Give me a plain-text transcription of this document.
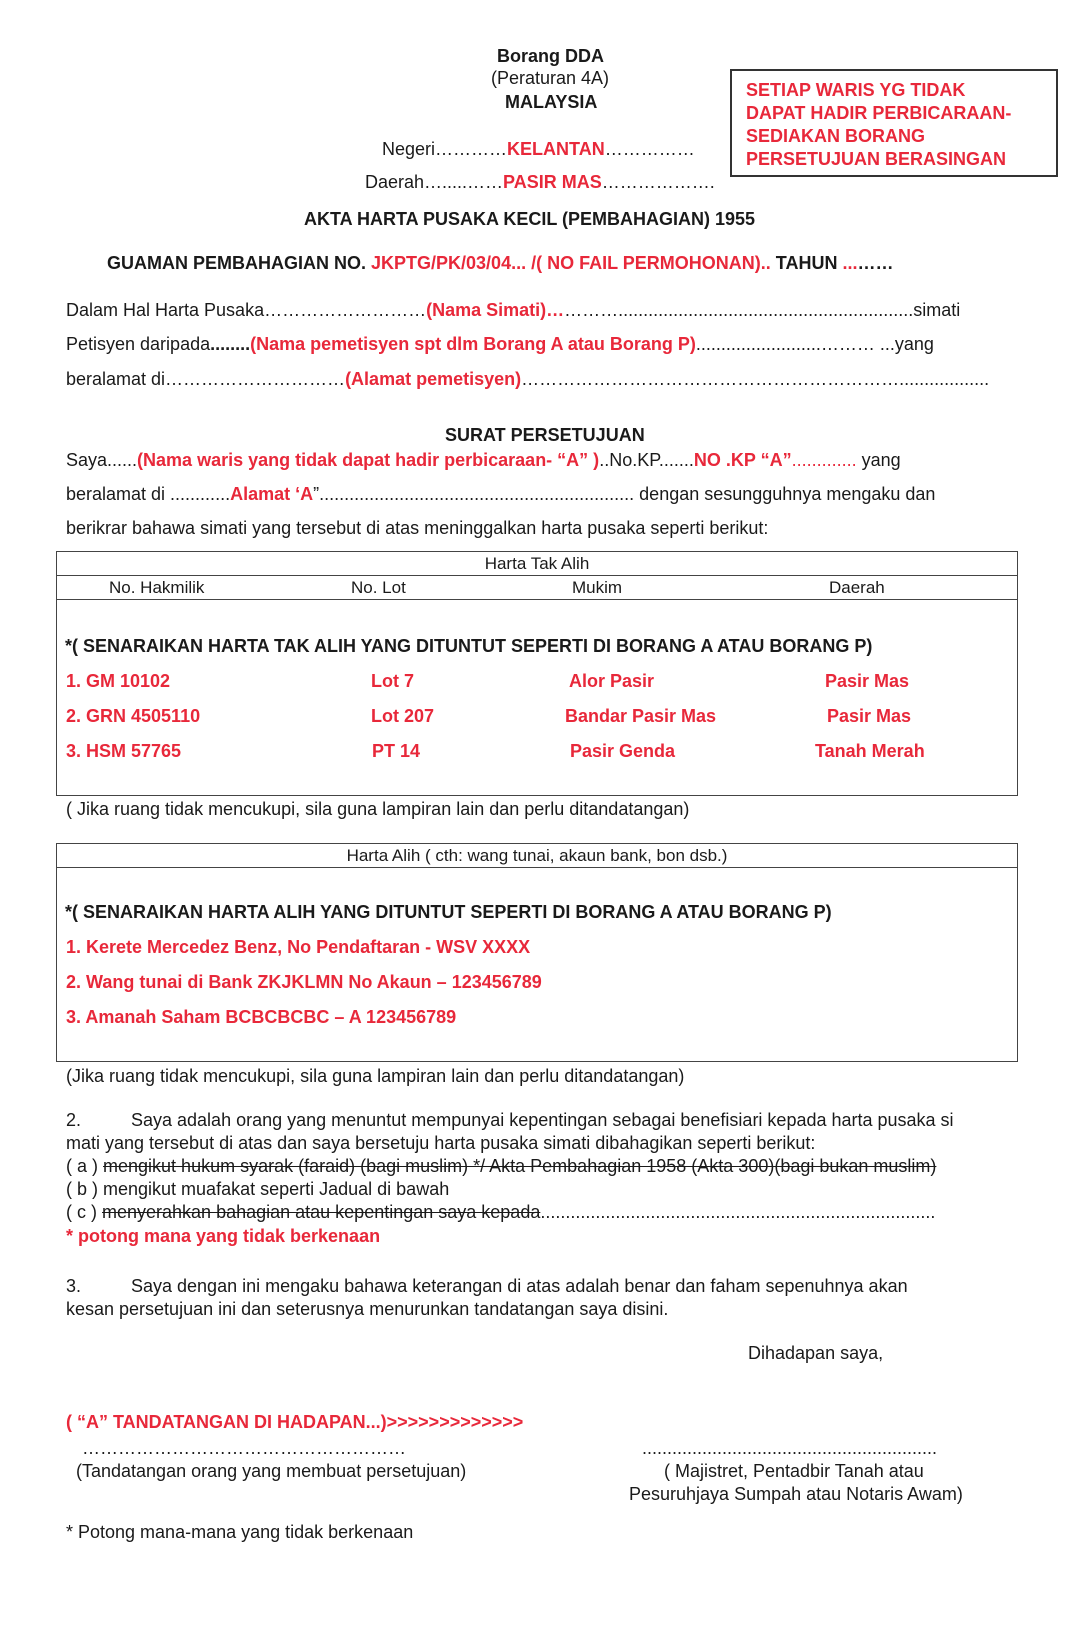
Borang DDA
(Peraturan 4A)
MALAYSIA
SETIAP WARIS YG TIDAK
DAPAT HADIR PERBICARAAN-
SEDIAKAN BORANG
PERSETUJUAN BERASINGAN
Negeri…………KELANTAN……………
Daerah….....……PASIR MAS……………….
AKTA HARTA PUSAKA KECIL (PEMBAHAGIAN) 1955
GUAMAN PEMBAHAGIAN NO. JKPTG/PK/03/04... /( NO FAIL PERMOHONAN).. TAHUN ...……
Dalam Hal Harta Pusaka………………………(Nama Simati)…………...........................................................simati
Petisyen daripada........(Nama pemetisyen spt dlm Borang A atau Borang P).........................……… ...yang
beralamat di…………………………(Alamat pemetisyen)………………………………………………………..................
SURAT PERSETUJUAN
Saya......(Nama waris yang tidak dapat hadir perbicaraan- “A” )..No.KP.......NO .KP “A”............. yang
beralamat di ............Alamat ‘A”............................................................... dengan sesungguhnya mengaku dan
berikrar bahawa simati yang tersebut di atas meninggalkan harta pusaka seperti berikut:
Harta Tak Alih
No. Hakmilik	No. Lot	Mukim	Daerah
*( SENARAIKAN HARTA TAK ALIH YANG DITUNTUT SEPERTI DI BORANG A ATAU BORANG P)
1. GM 10102	Lot 7	Alor Pasir	Pasir Mas
2. GRN 4505110	Lot 207	Bandar Pasir Mas	Pasir Mas
3. HSM 57765	PT 14	Pasir Genda	Tanah Merah
( Jika ruang tidak mencukupi, sila guna lampiran lain dan perlu ditandatangan)
Harta Alih ( cth: wang tunai, akaun bank, bon dsb.)
*( SENARAIKAN HARTA ALIH YANG DITUNTUT SEPERTI DI BORANG A ATAU BORANG P)
1. Kerete Mercedez Benz, No Pendaftaran - WSV XXXX
2. Wang tunai di Bank ZKJKLMN No Akaun – 123456789
3. Amanah Saham BCBCBCBC – A 123456789
(Jika ruang tidak mencukupi, sila guna lampiran lain dan perlu ditandatangan)
2.	Saya adalah orang yang menuntut mempunyai kepentingan sebagai benefisiari kepada harta pusaka si
mati yang tersebut di atas dan saya bersetuju harta pusaka simati dibahagikan seperti berikut:
( a ) mengikut hukum syarak (faraid) (bagi muslim) */ Akta Pembahagian 1958 (Akta 300)(bagi bukan muslim)
( b ) mengikut muafakat seperti Jadual di bawah
( c ) menyerahkan bahagian atau kepentingan saya kepada...............................................................................
* potong mana yang tidak berkenaan
3.	Saya dengan ini mengaku bahawa keterangan di atas adalah benar dan faham sepenuhnya akan
kesan persetujuan ini dan seterusnya menurunkan tandatangan saya disini.
Dihadapan saya,
( “A” TANDATANGAN DI HADAPAN...)>>>>>>>>>>>>>
………………………………………………
(Tandatangan orang yang membuat persetujuan)
...........................................................
( Majistret, Pentadbir Tanah atau
Pesuruhjaya Sumpah atau Notaris Awam)
* Potong mana-mana yang tidak berkenaan
